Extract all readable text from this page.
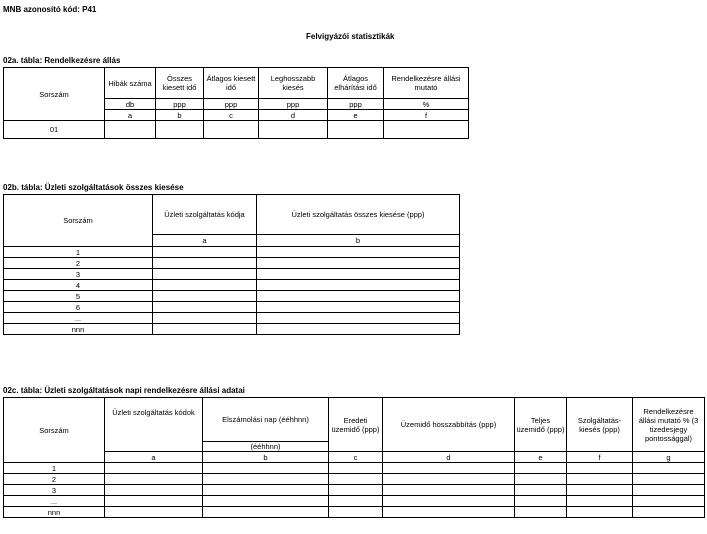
MNB azonosító kód: P41
Felvigyázói statisztikák
02a. tábla: Rendelkezésre állás
Sorszám	Hibák száma	Összes kiesett idő	Átlagos kiesett idő	Leghosszabb kiesés	Átlagos elhárítási idő	Rendelkezésre állási mutató
	db	ppp	ppp	ppp	ppp	%
	a	b	c	d	e	f
01						
02b. tábla: Üzleti szolgáltatások összes kiesése
Sorszám	Üzleti szolgáltatás kódja	Üzleti szolgáltatás összes kiesése (ppp)
	a	b
1		
2		
3		
4		
5		
6		
...		
nnn		
02c. tábla: Üzleti szolgáltatások napi rendelkezésre állási adatai
Sorszám	Üzleti szolgáltatás kódok	Elszámolási nap (ééhhnn)	Eredeti üzemidő (ppp)	Üzemidő hosszabbítás (ppp)	Teljes üzemidő (ppp)	Szolgáltatás-kiesés (ppp)	Rendelkezésre állási mutató % (3 tizedesjegy pontossággal)
		(ééhhnn)					
	a	b	c	d	e	f	g
1							
2							
3							
...							
nnn							
